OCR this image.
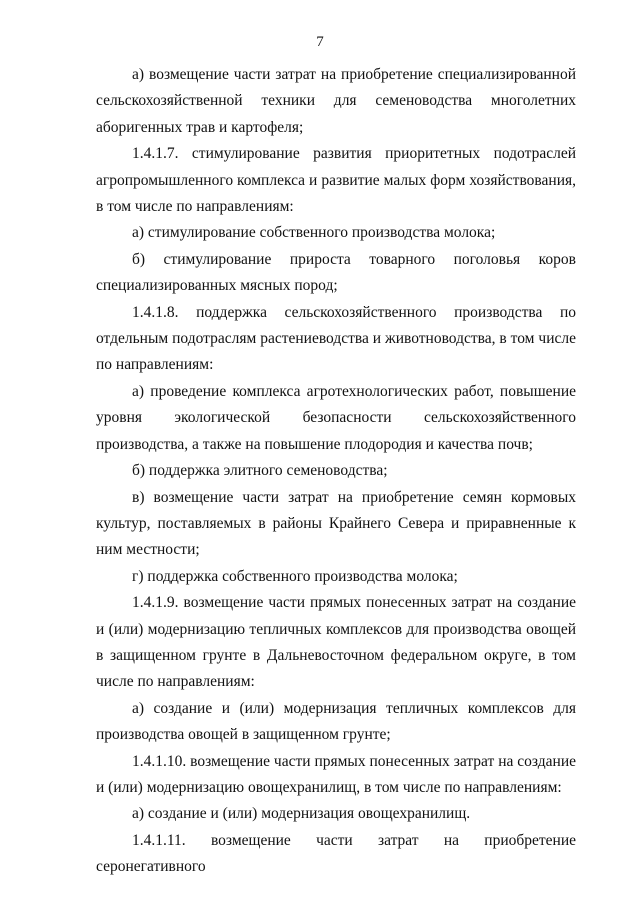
7

а) возмещение части затрат на приобретение специализированной сельскохозяйственной техники для семеноводства многолетних аборигенных трав и картофеля;

1.4.1.7. стимулирование развития приоритетных подотраслей агропромышленного комплекса и развитие малых форм хозяйствования, в том числе по направлениям:

а) стимулирование собственного производства молока;

б) стимулирование прироста товарного поголовья коров специализированных мясных пород;

1.4.1.8. поддержка сельскохозяйственного производства по отдельным подотраслям растениеводства и животноводства, в том числе по направлениям:

а) проведение комплекса агротехнологических работ, повышение уровня экологической безопасности сельскохозяйственного производства, а также на повышение плодородия и качества почв;

б) поддержка элитного семеноводства;

в) возмещение части затрат на приобретение семян кормовых культур, поставляемых в районы Крайнего Севера и приравненные к ним местности;

г) поддержка собственного производства молока;

1.4.1.9. возмещение части прямых понесенных затрат на создание и (или) модернизацию тепличных комплексов для производства овощей в защищенном грунте в Дальневосточном федеральном округе, в том числе по направлениям:

а) создание и (или) модернизация тепличных комплексов для производства овощей в защищенном грунте;

1.4.1.10. возмещение части прямых понесенных затрат на создание и (или) модернизацию овощехранилищ, в том числе по направлениям:

а) создание и (или) модернизация овощехранилищ.

1.4.1.11. возмещение части затрат на приобретение серонегативного
